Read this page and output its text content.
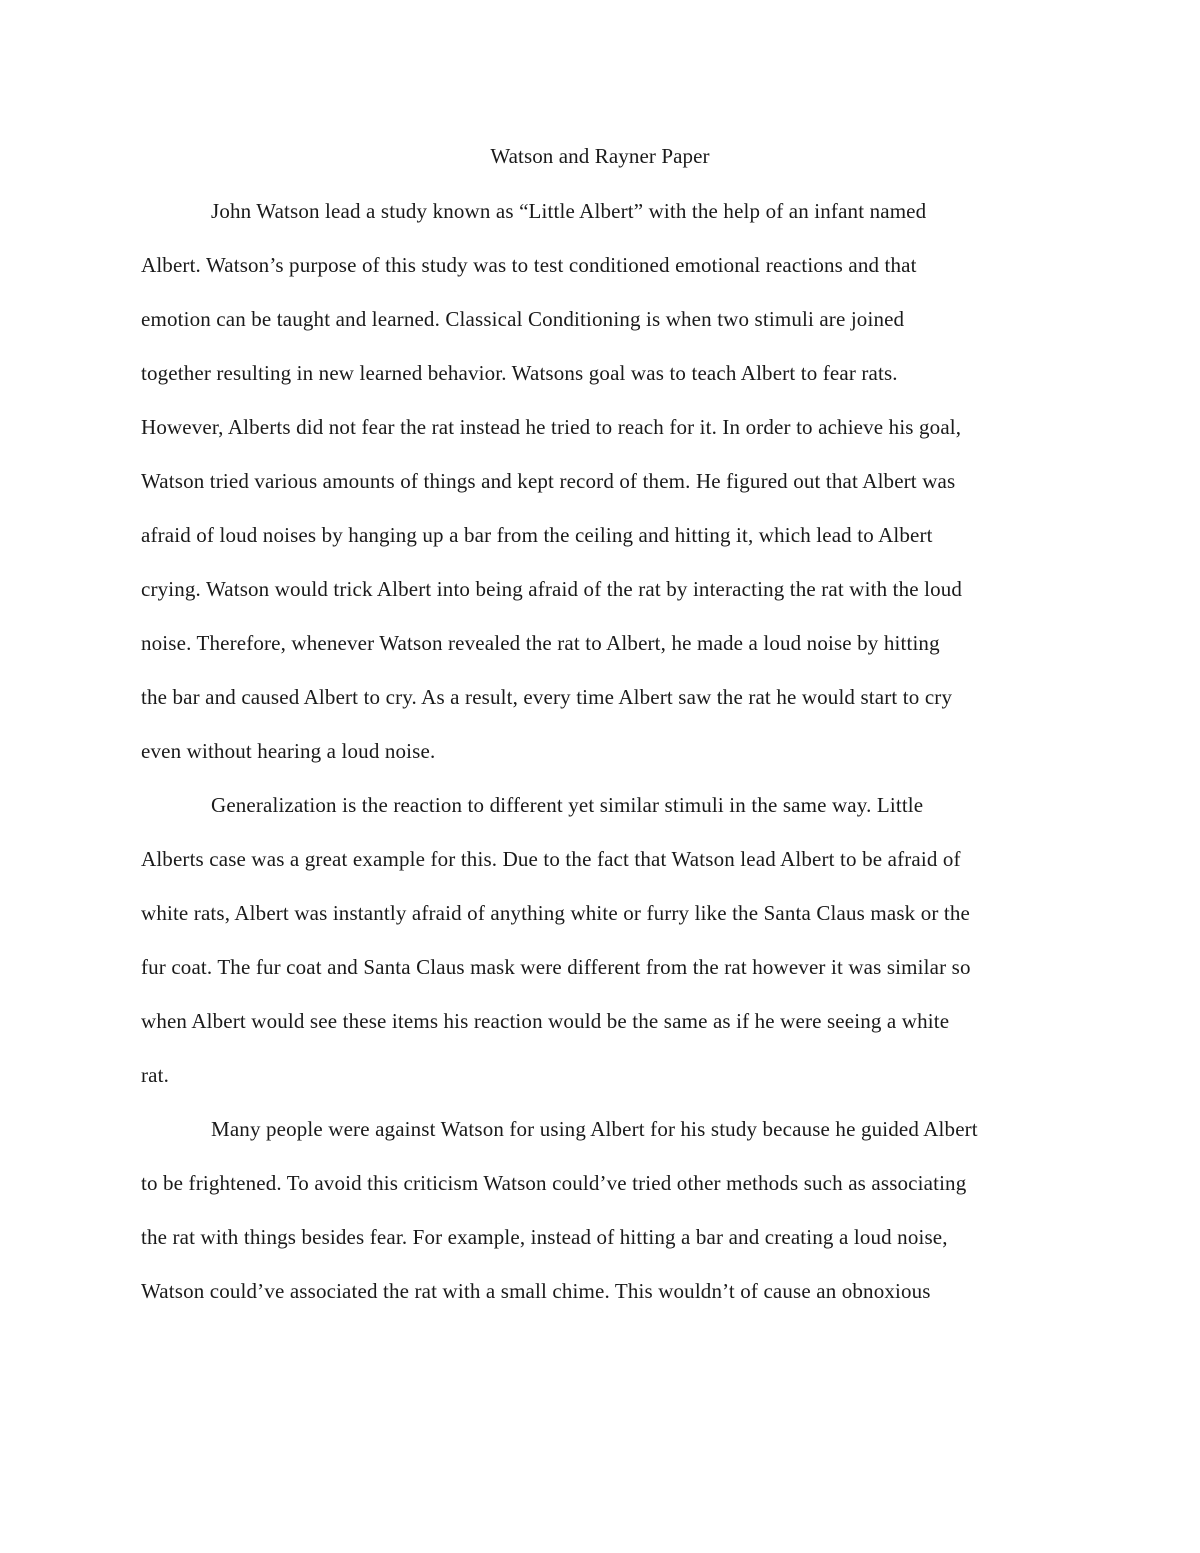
Watson and Rayner Paper
John Watson lead a study known as “Little Albert” with the help of an infant named
Albert. Watson’s purpose of this study was to test conditioned emotional reactions and that
emotion can be taught and learned. Classical Conditioning is when two stimuli are joined
together resulting in new learned behavior. Watsons goal was to teach Albert to fear rats.
However, Alberts did not fear the rat instead he tried to reach for it. In order to achieve his goal,
Watson tried various amounts of things and kept record of them. He figured out that Albert was
afraid of loud noises by hanging up a bar from the ceiling and hitting it, which lead to Albert
crying. Watson would trick Albert into being afraid of the rat by interacting the rat with the loud
noise. Therefore, whenever Watson revealed the rat to Albert, he made a loud noise by hitting
the bar and caused Albert to cry. As a result, every time Albert saw the rat he would start to cry
even without hearing a loud noise.
Generalization is the reaction to different yet similar stimuli in the same way. Little
Alberts case was a great example for this. Due to the fact that Watson lead Albert to be afraid of
white rats, Albert was instantly afraid of anything white or furry like the Santa Claus mask or the
fur coat. The fur coat and Santa Claus mask were different from the rat however it was similar so
when Albert would see these items his reaction would be the same as if he were seeing a white
rat.
Many people were against Watson for using Albert for his study because he guided Albert
to be frightened. To avoid this criticism Watson could’ve tried other methods such as associating
the rat with things besides fear. For example, instead of hitting a bar and creating a loud noise,
Watson could’ve associated the rat with a small chime. This wouldn’t of cause an obnoxious
